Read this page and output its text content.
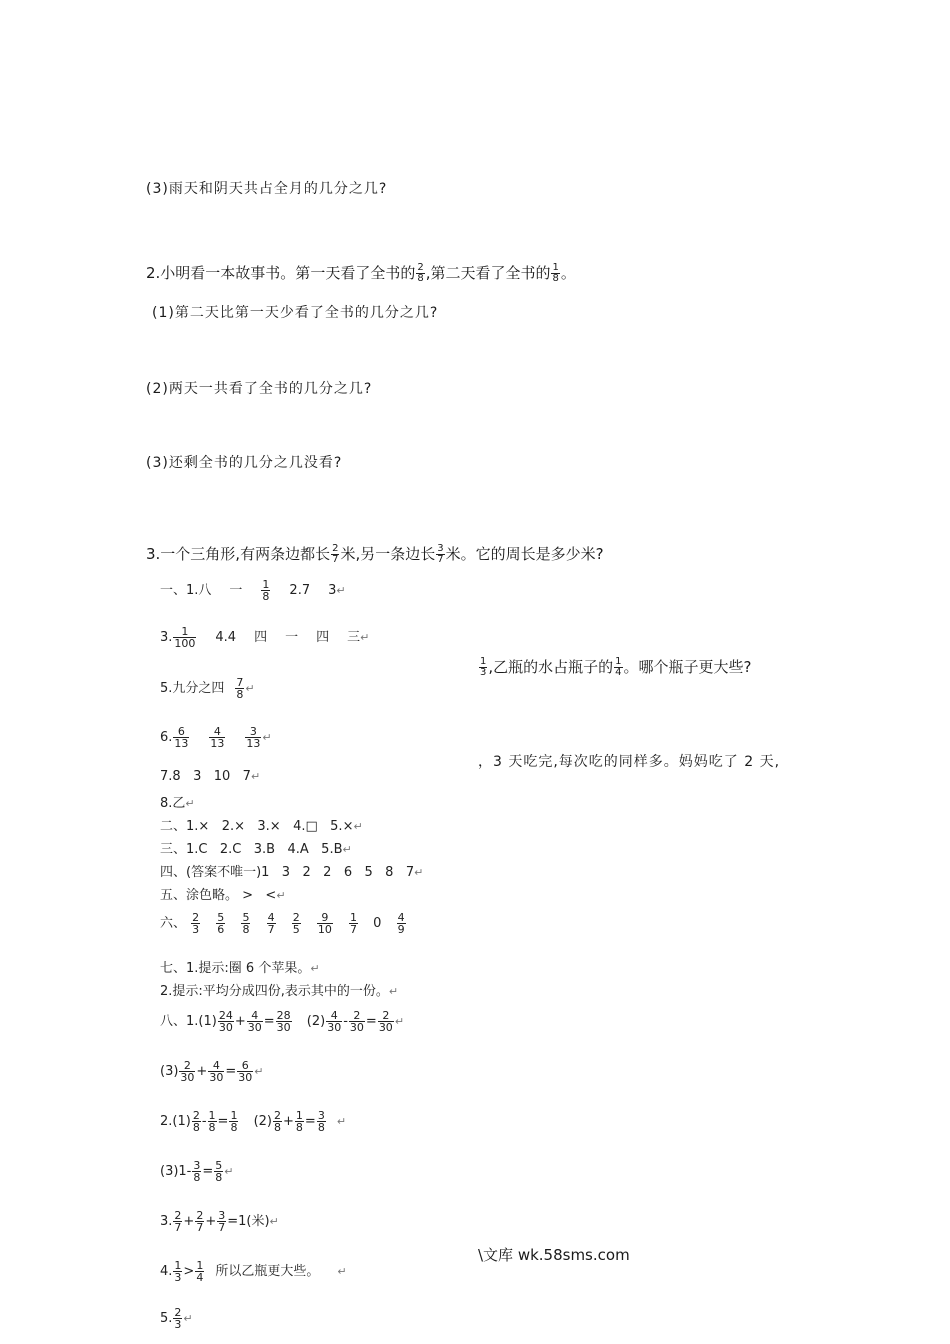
(3)雨天和阴天共占全月的几分之几?
2.小明看一本故事书。第一天看了全书的 $\frac{2}{8}$ ,第二天看了全书的 $\frac{1}{8}$ 。
(1)第二天比第一天少看了全书的几分之几?
(2)两天一共看了全书的几分之几?
(3)还剩全书的几分之几没看?
3.一个三角形,有两条边都长 $\frac{2}{7}$ 米,另一条边长 $\frac{3}{7}$ 米。它的周长是多少米?
$\frac{1}{3}$ ,乙瓶的水占瓶子的 $\frac{1}{4}$ 。哪个瓶子更大些?
，3 天吃完,每次吃的同样多。妈妈吃了 2 天,
一、1.八 一 $\frac{1}{8} 2.7$ 3↵
3. $\frac{1}{100} 4.4$ 四 一 四 三↵
5.九分之四 $\frac{7}{8}$ ↵
6. $\frac{6}{13} \frac{4}{13} \frac{3}{13}$ ↵
7.8   3   10   7↵
8.乙↵
二、1.×   2.×   3.×   4.□   5.×↵
三、1.C   2.C   3.B   4.A   5.B↵
四、(答案不唯一)1   3   2   2   6   5   8   7↵
五、涂色略。 >   <↵
六、 $\frac{2}{3}$
$\frac{5}{6}$
$\frac{5}{8}$
$\frac{4}{7}$
$\frac{2}{5}$
$\frac{9}{10}$
$\frac{1}{7} 0 \frac{4}{9}$
七、1.提示:圈 6 个苹果。↵
2.提示:平均分成四份,表示其中的一份。↵
八、$1.(1) \frac{24}{30} + \frac{4}{30} = \frac{28}{30} (2) \frac{4}{30} - \frac{2}{30} = \frac{2}{30}$ ↵
$(3) \frac{2}{30} + \frac{4}{30} = \frac{6}{30}$ ↵
$2.(1) \frac{2}{8} - \frac{1}{8} = \frac{1}{8} (2) \frac{2}{8} + \frac{1}{8} = \frac{3}{8}$ ↵
$(3)1- \frac{3}{8} = \frac{5}{8}$ ↵
3. $\frac{2}{7} + \frac{2}{7} + \frac{3}{7} =1$(米)↵
\文库 wk.58sms.com
4. $\frac{1}{3} > \frac{1}{4}$ 所以乙瓶更大些。 ↵
5. $\frac{2}{3}$ ↵
